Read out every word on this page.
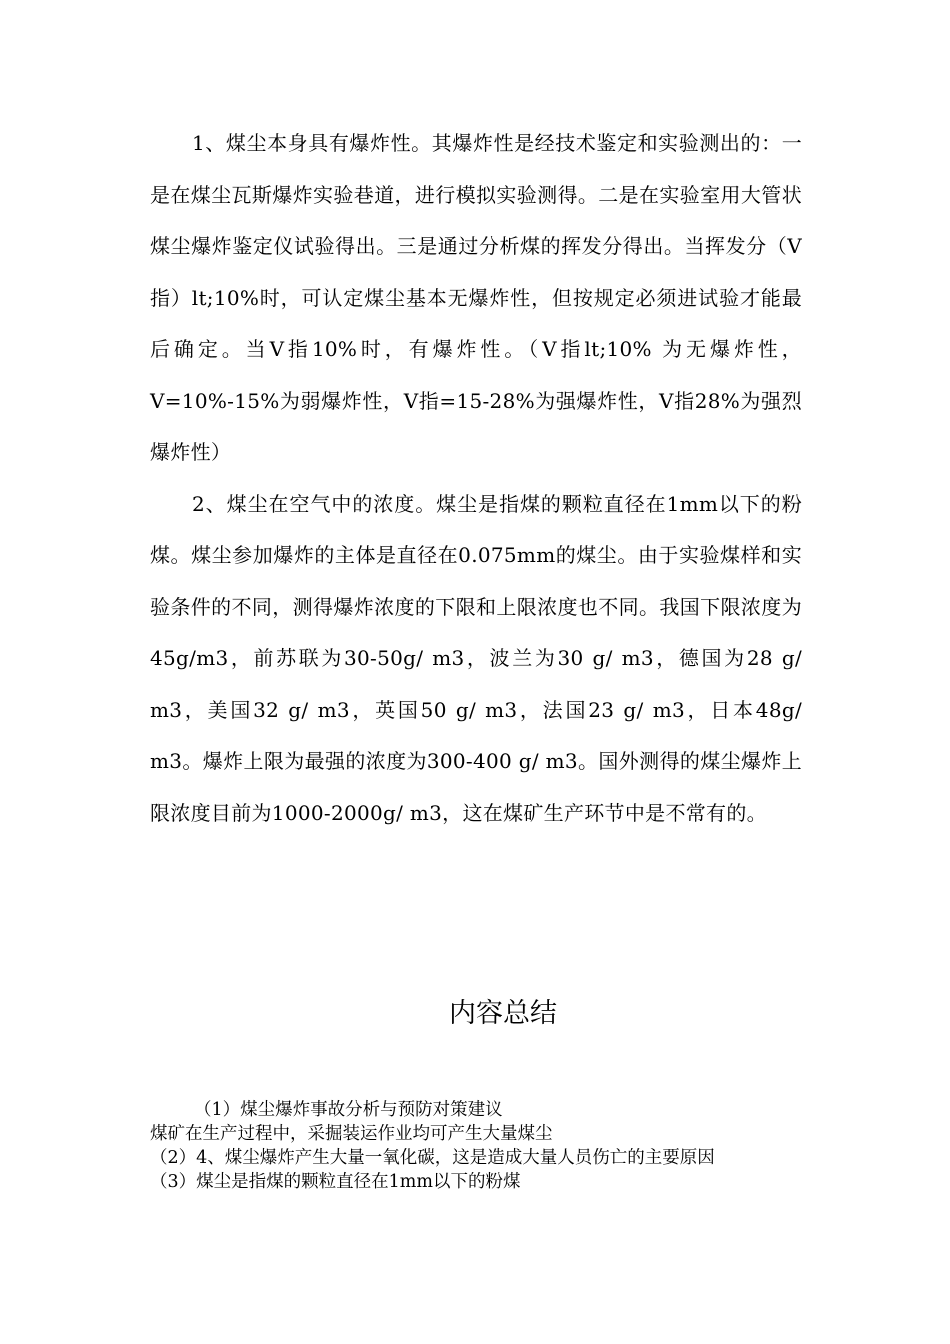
1、煤尘本身具有爆炸性。其爆炸性是经技术鉴定和实验测出的：一是在煤尘瓦斯爆炸实验巷道，进行模拟实验测得。二是在实验室用大管状煤尘爆炸鉴定仪试验得出。三是通过分析煤的挥发分得出。当挥发分（V指）lt;10%时，可认定煤尘基本无爆炸性，但按规定必须进试验才能最后确定。当V指10%时，有爆炸性。（V指lt;10% 为无爆炸性，V=10%-15%为弱爆炸性，V指=15-28%为强爆炸性，V指28%为强烈爆炸性）

2、煤尘在空气中的浓度。煤尘是指煤的颗粒直径在1mm以下的粉煤。煤尘参加爆炸的主体是直径在0.075mm的煤尘。由于实验煤样和实验条件的不同，测得爆炸浓度的下限和上限浓度也不同。我国下限浓度为45g/m3，前苏联为30-50g/ m3，波兰为30 g/ m3，德国为28 g/ m3，美国32 g/ m3，英国50 g/ m3，法国23 g/ m3，日本48g/ m3。爆炸上限为最强的浓度为300-400 g/ m3。国外测得的煤尘爆炸上限浓度目前为1000-2000g/ m3，这在煤矿生产环节中是不常有的。

内容总结

（1）煤尘爆炸事故分析与预防对策建议

煤矿在生产过程中，采掘装运作业均可产生大量煤尘

（2）4、煤尘爆炸产生大量一氧化碳，这是造成大量人员伤亡的主要原因

（3）煤尘是指煤的颗粒直径在1mm以下的粉煤
